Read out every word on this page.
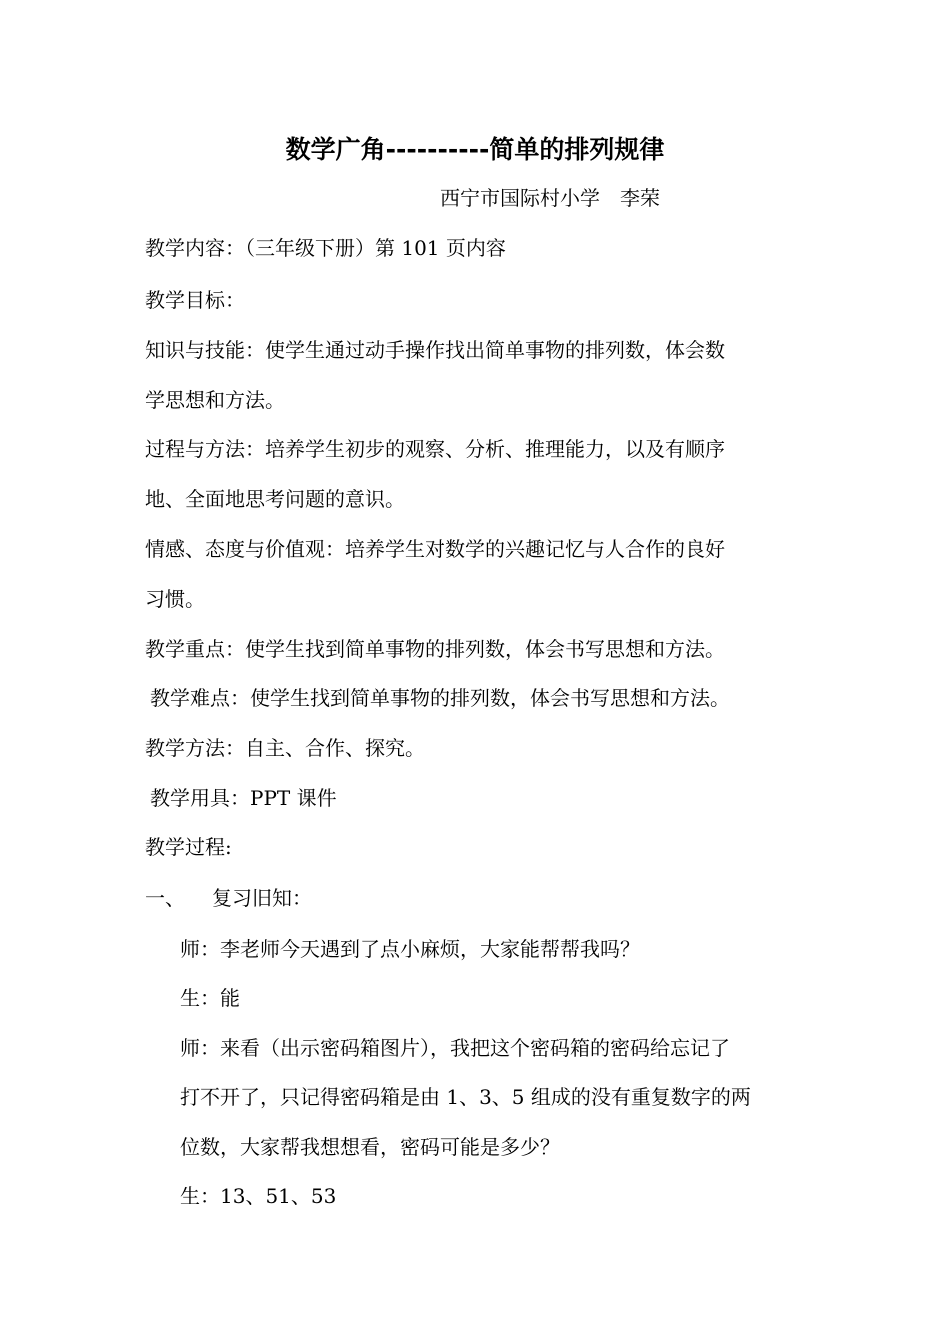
数学广角----------简单的排列规律
西宁市国际村小学　李荣
教学内容：（三年级下册）第 101 页内容
教学目标：
知识与技能：使学生通过动手操作找出简单事物的排列数，体会数
学思想和方法。
过程与方法：培养学生初步的观察、分析、推理能力，以及有顺序
地、全面地思考问题的意识。
情感、态度与价值观：培养学生对数学的兴趣记忆与人合作的良好
习惯。
教学重点：使学生找到简单事物的排列数，体会书写思想和方法。
教学难点：使学生找到简单事物的排列数，体会书写思想和方法。
教学方法：自主、合作、探究。
教学用具：PPT 课件
教学过程:
一、 复习旧知：
师：李老师今天遇到了点小麻烦，大家能帮帮我吗？
生：能
师：来看（出示密码箱图片），我把这个密码箱的密码给忘记了
打不开了，只记得密码箱是由 1、3、5 组成的没有重复数字的两
位数，大家帮我想想看，密码可能是多少？
生：13、51、53
